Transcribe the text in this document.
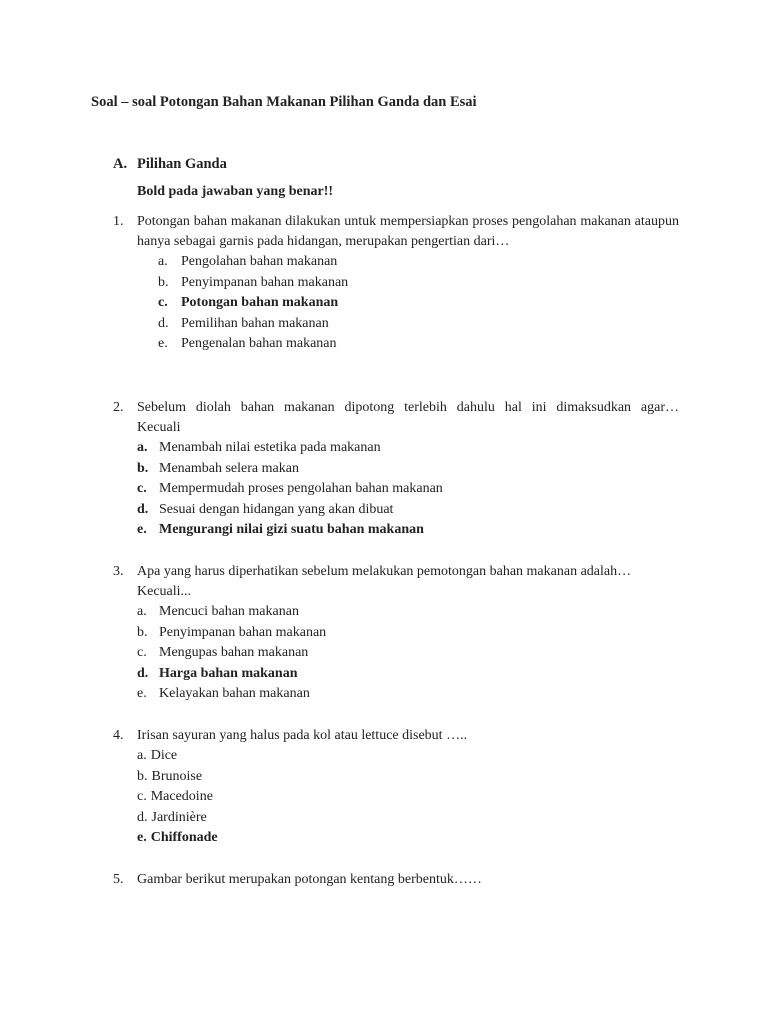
Soal – soal Potongan Bahan Makanan Pilihan Ganda dan Esai
A. Pilihan Ganda
Bold pada jawaban yang benar!!
1. Potongan bahan makanan dilakukan untuk mempersiapkan proses pengolahan makanan ataupun hanya sebagai garnis pada hidangan, merupakan pengertian dari…
a. Pengolahan bahan makanan
b. Penyimpanan bahan makanan
c. Potongan bahan makanan
d. Pemilihan bahan makanan
e. Pengenalan bahan makanan
2. Sebelum diolah bahan makanan dipotong terlebih dahulu hal ini dimaksudkan agar…
Kecuali
a. Menambah nilai estetika pada makanan
b. Menambah selera makan
c. Mempermudah proses pengolahan bahan makanan
d. Sesuai dengan hidangan yang akan dibuat
e. Mengurangi nilai gizi suatu bahan makanan
3. Apa yang harus diperhatikan sebelum melakukan pemotongan bahan makanan adalah…
Kecuali...
a. Mencuci bahan makanan
b. Penyimpanan bahan makanan
c. Mengupas bahan makanan
d. Harga bahan makanan
e. Kelayakan bahan makanan
4. Irisan sayuran yang halus pada kol atau lettuce disebut …..
a. Dice
b. Brunoise
c. Macedoine
d. Jardiniѐre
e. Chiffonade
5. Gambar berikut merupakan potongan kentang berbentuk……
